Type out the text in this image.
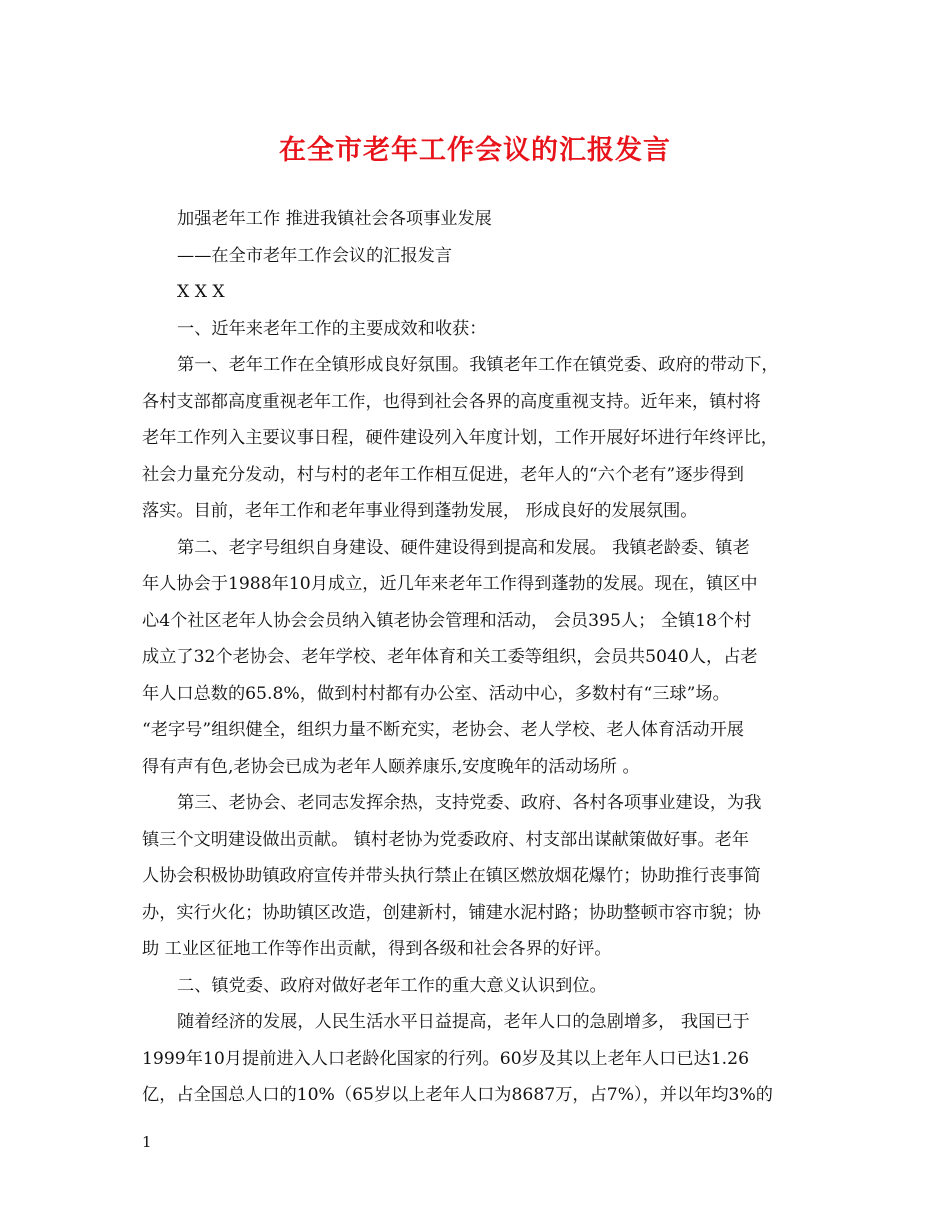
在全市老年工作会议的汇报发言
加强老年工作 推进我镇社会各项事业发展
——在全市老年工作会议的汇报发言
X X X
一、近年来老年工作的主要成效和收获：
第一、老年工作在全镇形成良好氛围。我镇老年工作在镇党委、政府的带动下，
各村支部都高度重视老年工作，也得到社会各界的高度重视支持。近年来，镇村将
老年工作列入主要议事日程，硬件建设列入年度计划，工作开展好坏进行年终评比，
社会力量充分发动，村与村的老年工作相互促进，老年人的“六个老有”逐步得到
落实。目前，老年工作和老年事业得到蓬勃发展， 形成良好的发展氛围。
第二、老字号组织自身建设、硬件建设得到提高和发展。 我镇老龄委、镇老
年人协会于1988年10月成立，近几年来老年工作得到蓬勃的发展。现在，镇区中
心4个社区老年人协会会员纳入镇老协会管理和活动， 会员395人； 全镇18个村
成立了32个老协会、老年学校、老年体育和关工委等组织，会员共5040人，占老
年人口总数的65.8%，做到村村都有办公室、活动中心，多数村有“三球”场。
“老字号”组织健全，组织力量不断充实，老协会、老人学校、老人体育活动开展
得有声有色,老协会已成为老年人颐养康乐,安度晚年的活动场所 。
第三、老协会、老同志发挥余热，支持党委、政府、各村各项事业建设，为我
镇三个文明建设做出贡献。 镇村老协为党委政府、村支部出谋献策做好事。老年
人协会积极协助镇政府宣传并带头执行禁止在镇区燃放烟花爆竹；协助推行丧事简
办，实行火化；协助镇区改造，创建新村，铺建水泥村路；协助整顿市容市貌；协
助 工业区征地工作等作出贡献，得到各级和社会各界的好评。
二、镇党委、政府对做好老年工作的重大意义认识到位。
随着经济的发展，人民生活水平日益提高，老年人口的急剧增多， 我国已于
1999年10月提前进入人口老龄化国家的行列。60岁及其以上老年人口已达1.26
亿，占全国总人口的10%（65岁以上老年人口为8687万，占7%），并以年均3%的
1
